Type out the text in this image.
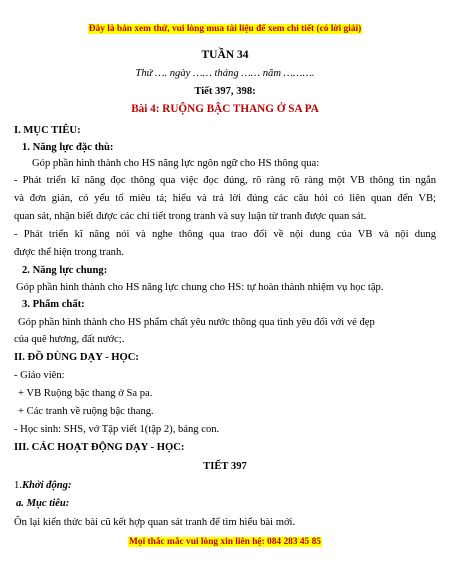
Đây là bản xem thử, vui lòng mua tài liệu để xem chi tiết (có lời giải)
TUẦN 34
Thứ …. ngày …… tháng …… năm ……….
Tiết 397, 398:
Bài 4: RUỘNG BẬC THANG Ở SA PA
I. MỤC TIÊU:
1. Năng lực đặc thù:
Góp phần hình thành cho HS năng lực ngôn ngữ cho HS thông qua:
- Phát triển kĩ năng đọc thông qua việc đọc đúng, rõ ràng rõ ràng một VB thông tin ngắn
và đơn giản, có yếu tố miêu tả; hiểu và trả lời đúng các câu hỏi có liên quan đến VB;
quan sát, nhận biết được các chi tiết trong tranh và suy luận từ tranh được quan sát.
- Phát triển kĩ năng nói và nghe thông qua trao đổi về nội dung của VB và nội dung
được thể hiện trong tranh.
2. Năng lực chung:
Góp phần hình thành cho HS năng lực chung cho HS: tự hoàn thành nhiệm vụ học tập.
3. Phẩm chất:
Góp phần hình thành cho HS phẩm chất yêu nước thông qua tình yêu đối với vẻ đẹp
của quê hương, đất nước;.
II. ĐỒ DÙNG DẠY - HỌC:
- Giáo viên:
+ VB Ruộng bậc thang ở Sa pa.
+ Các tranh về ruộng bậc thang.
- Học sinh: SHS, vở Tập viết 1(tập 2), bảng con.
III. CÁC HOẠT ĐỘNG DẠY - HỌC:
TIẾT 397
1.Khởi động:
a. Mục tiêu:
Ôn lại kiến thức bài cũ kết hợp quan sát tranh để tìm hiểu bài mới.
Mọi thắc mắc vui lòng xin liên hệ: 084 283 45 85
